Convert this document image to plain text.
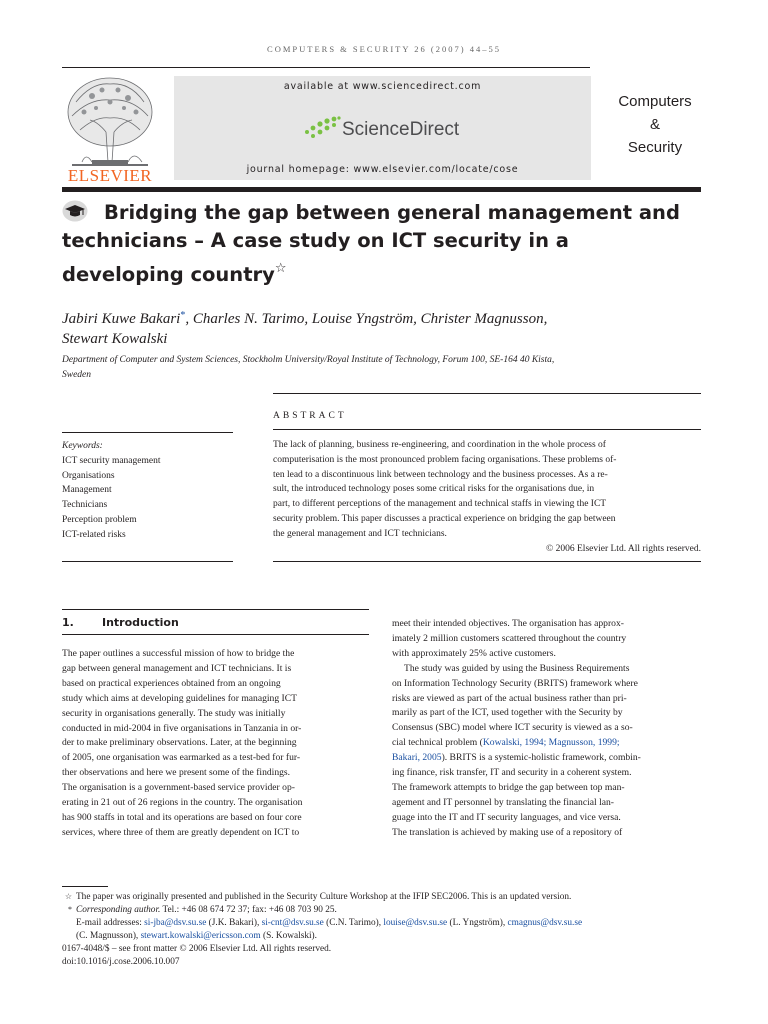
COMPUTERS & SECURITY 26 (2007) 44–55
ELSEVIER
available at www.sciencedirect.com
ScienceDirect
journal homepage: www.elsevier.com/locate/cose
Computers
&
Security
Bridging the gap between general management and
technicians – A case study on ICT security in a
developing country☆
Jabiri Kuwe Bakari*, Charles N. Tarimo, Louise Yngström, Christer Magnusson,
Stewart Kowalski
Department of Computer and System Sciences, Stockholm University/Royal Institute of Technology, Forum 100, SE-164 40 Kista,
Sweden
ABSTRACT
Keywords:
ICT security management
Organisations
Management
Technicians
Perception problem
ICT-related risks
The lack of planning, business re-engineering, and coordination in the whole process of
computerisation is the most pronounced problem facing organisations. These problems of-
ten lead to a discontinuous link between technology and the business processes. As a re-
sult, the introduced technology poses some critical risks for the organisations due, in
part, to different perceptions of the management and technical staffs in viewing the ICT
security problem. This paper discusses a practical experience on bridging the gap between
the general management and ICT technicians.
© 2006 Elsevier Ltd. All rights reserved.
1.	Introduction
The paper outlines a successful mission of how to bridge the
gap between general management and ICT technicians. It is
based on practical experiences obtained from an ongoing
study which aims at developing guidelines for managing ICT
security in organisations generally. The study was initially
conducted in mid-2004 in five organisations in Tanzania in or-
der to make preliminary observations. Later, at the beginning
of 2005, one organisation was earmarked as a test-bed for fur-
ther observations and here we present some of the findings.
The organisation is a government-based service provider op-
erating in 21 out of 26 regions in the country. The organisation
has 900 staffs in total and its operations are based on four core
services, where three of them are greatly dependent on ICT to
meet their intended objectives. The organisation has approx-
imately 2 million customers scattered throughout the country
with approximately 25% active customers.
The study was guided by using the Business Requirements
on Information Technology Security (BRITS) framework where
risks are viewed as part of the actual business rather than pri-
marily as part of the ICT, used together with the Security by
Consensus (SBC) model where ICT security is viewed as a so-
cial technical problem (Kowalski, 1994; Magnusson, 1999;
Bakari, 2005). BRITS is a systemic-holistic framework, combin-
ing finance, risk transfer, IT and security in a coherent system.
The framework attempts to bridge the gap between top man-
agement and IT personnel by translating the financial lan-
guage into the IT and IT security languages, and vice versa.
The translation is achieved by making use of a repository of
☆ The paper was originally presented and published in the Security Culture Workshop at the IFIP SEC2006. This is an updated version.
* Corresponding author. Tel.: +46 08 674 72 37; fax: +46 08 703 90 25.
E-mail addresses: si-jba@dsv.su.se (J.K. Bakari), si-cnt@dsv.su.se (C.N. Tarimo), louise@dsv.su.se (L. Yngström), cmagnus@dsv.su.se
(C. Magnusson), stewart.kowalski@ericsson.com (S. Kowalski).
0167-4048/$ – see front matter © 2006 Elsevier Ltd. All rights reserved.
doi:10.1016/j.cose.2006.10.007
